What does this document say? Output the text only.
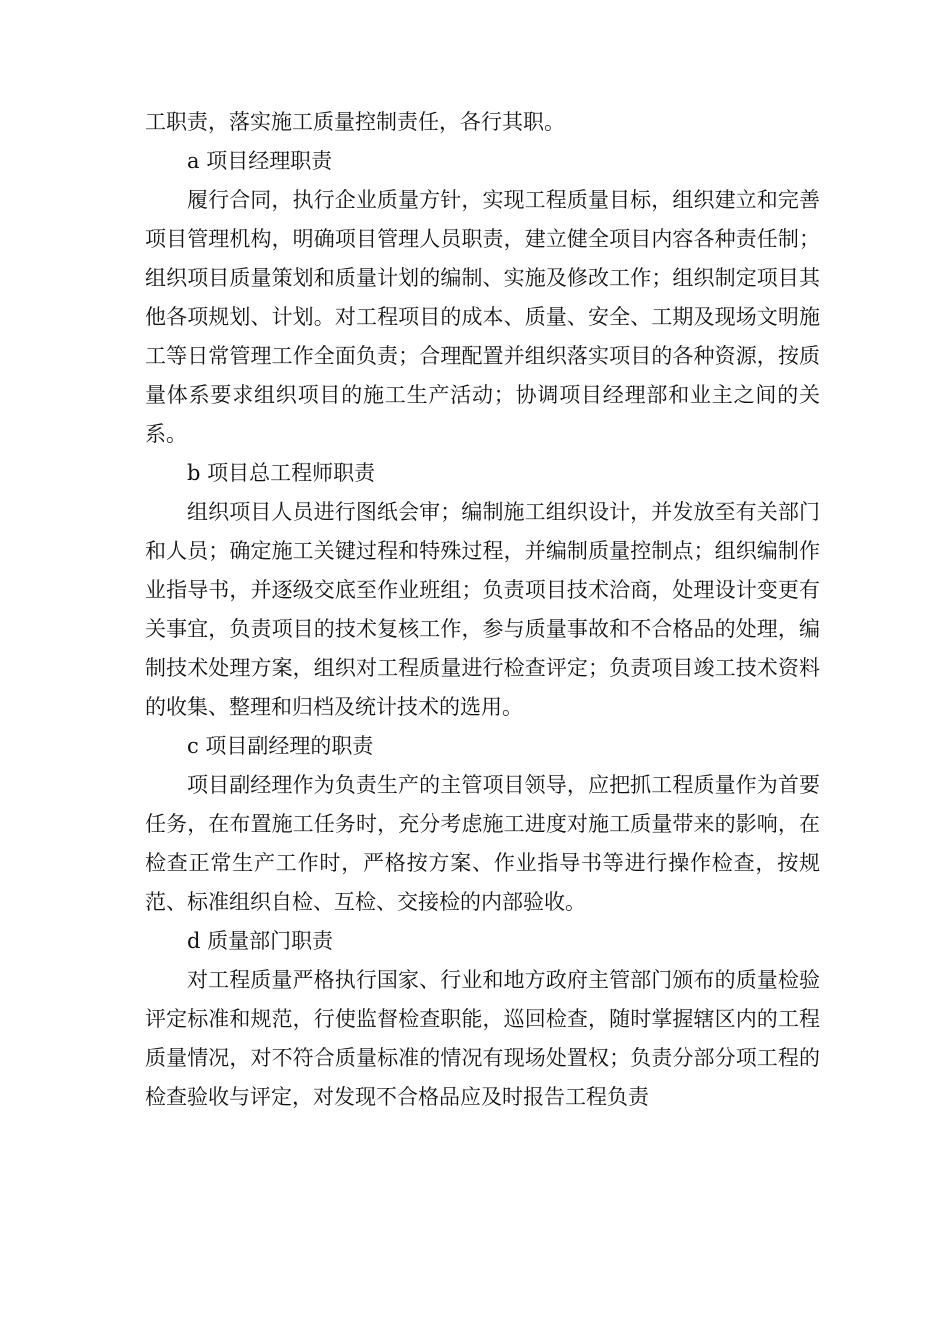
工职责，落实施工质量控制责任，各行其职。

a 项目经理职责

履行合同，执行企业质量方针，实现工程质量目标，组织建立和完善项目管理机构，明确项目管理人员职责，建立健全项目内容各种责任制；组织项目质量策划和质量计划的编制、实施及修改工作；组织制定项目其他各项规划、计划。对工程项目的成本、质量、安全、工期及现场文明施工等日常管理工作全面负责；合理配置并组织落实项目的各种资源，按质量体系要求组织项目的施工生产活动；协调项目经理部和业主之间的关系。

b 项目总工程师职责

组织项目人员进行图纸会审；编制施工组织设计，并发放至有关部门和人员；确定施工关键过程和特殊过程，并编制质量控制点；组织编制作业指导书，并逐级交底至作业班组；负责项目技术洽商，处理设计变更有关事宜，负责项目的技术复核工作，参与质量事故和不合格品的处理，编制技术处理方案，组织对工程质量进行检查评定；负责项目竣工技术资料的收集、整理和归档及统计技术的选用。

c 项目副经理的职责

项目副经理作为负责生产的主管项目领导，应把抓工程质量作为首要任务，在布置施工任务时，充分考虑施工进度对施工质量带来的影响，在检查正常生产工作时，严格按方案、作业指导书等进行操作检查，按规范、标准组织自检、互检、交接检的内部验收。

d 质量部门职责

对工程质量严格执行国家、行业和地方政府主管部门颁布的质量检验评定标准和规范，行使监督检查职能，巡回检查，随时掌握辖区内的工程质量情况，对不符合质量标准的情况有现场处置权；负责分部分项工程的检查验收与评定，对发现不合格品应及时报告工程负责
